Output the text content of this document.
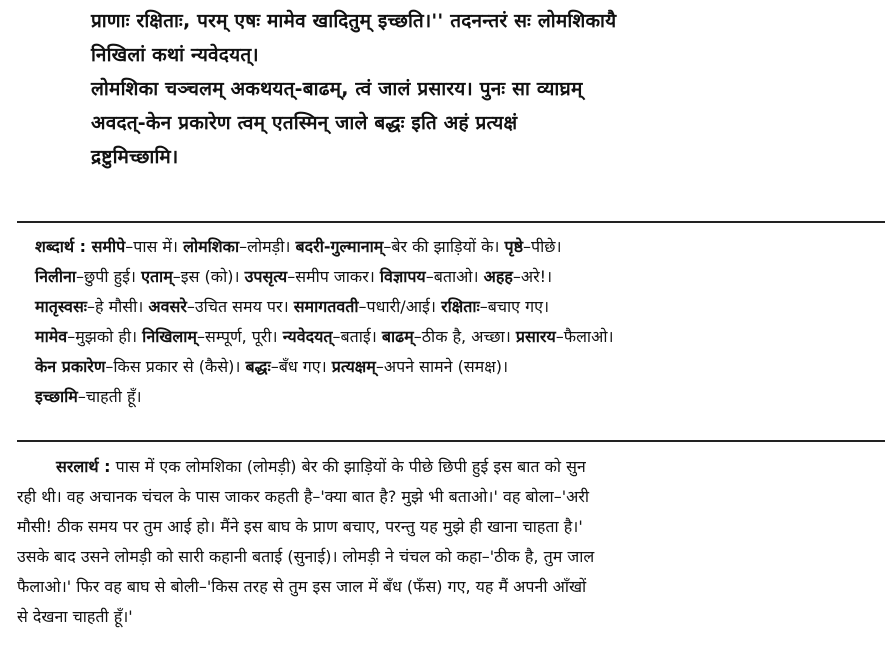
प्राणाः रक्षिताः, परम् एषः मामेव खादितुम् इच्छति।'' तदनन्तरं सः लोमशिकायै
निखिलां कथां न्यवेदयत्।
लोमशिका चञ्चलम् अकथयत्-बाढम्, त्वं जालं प्रसारय। पुनः सा व्याघ्रम्
अवदत्-केन प्रकारेण त्वम् एतस्मिन् जाले बद्धः इति अहं प्रत्यक्षं
द्रष्टुमिच्छामि।
शब्दार्थ : समीपे–पास में। लोमशिका–लोमड़ी। बदरी-गुल्मानाम्–बेर की झाड़ियों के। पृष्ठे–पीछे।
निलीना–छुपी हुई। एताम्–इस (को)। उपसृत्य–समीप जाकर। विज्ञापय–बताओ। अहह–अरे!।
मातृस्वसः–हे मौसी। अवसरे–उचित समय पर। समागतवती–पधारी/आई। रक्षिताः–बचाए गए।
मामेव–मुझको ही। निखिलाम्–सम्पूर्ण, पूरी। न्यवेदयत्–बताई। बाढम्–ठीक है, अच्छा। प्रसारय–फैलाओ।
केन प्रकारेण–किस प्रकार से (कैसे)। बद्धः–बँध गए। प्रत्यक्षम्–अपने सामने (समक्ष)।
इच्छामि–चाहती हूँ।
सरलार्थ : पास में एक लोमशिका (लोमड़ी) बेर की झाड़ियों के पीछे छिपी हुई इस बात को सुन
रही थी। वह अचानक चंचल के पास जाकर कहती है–'क्या बात है? मुझे भी बताओ।' वह बोला–'अरी
मौसी! ठीक समय पर तुम आई हो। मैंने इस बाघ के प्राण बचाए, परन्तु यह मुझे ही खाना चाहता है।'
उसके बाद उसने लोमड़ी को सारी कहानी बताई (सुनाई)। लोमड़ी ने चंचल को कहा–'ठीक है, तुम जाल
फैलाओ।' फिर वह बाघ से बोली–'किस तरह से तुम इस जाल में बँध (फँस) गए, यह मैं अपनी आँखों
से देखना चाहती हूँ।'
